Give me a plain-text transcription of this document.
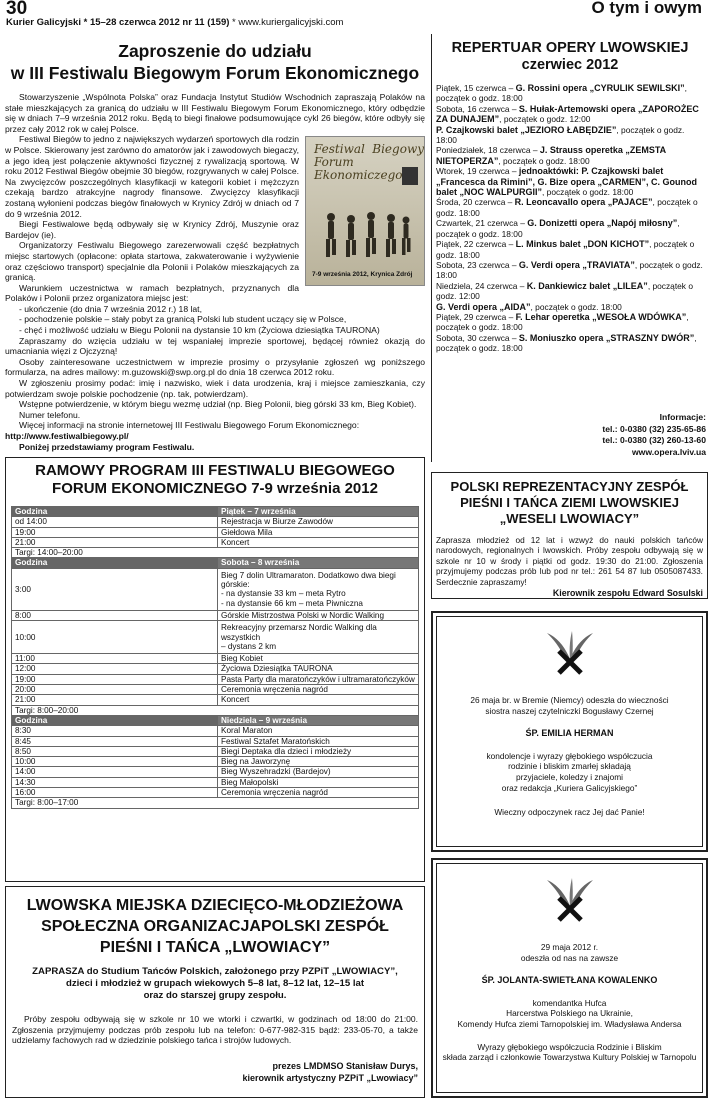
30	O tym i owym
Kurier Galicyjski * 15–28 czerwca 2012 nr 11 (159) * www.kuriergalicyjski.com
Zaproszenie do udziału
w III Festiwalu Biegowym Forum Ekonomicznego

Stowarzyszenie „Wspólnota Polska” oraz Fundacja Instytut Studiów Wschodnich zapraszają Polaków na stałe mieszkających za granicą do udziału w III Festiwalu Biegowym Forum Ekonomicznego, który odbędzie się w dniach 7–9 września 2012 roku. Będą to biegi finałowe podsumowujące cykl 26 biegów, które odbyły się przez cały 2012 rok w całej Polsce.

Festiwal Biegowy Forum Ekonomiczego
7-9 września 2012, Krynica Zdrój

Festiwal Biegów to jedno z największych wydarzeń sportowych dla rodzin w Polsce. Skierowany jest zarówno do amatorów jak i zawodowych biegaczy, a jego ideą jest połączenie aktywności fizycznej z rywalizacją sportową. W roku 2012 Festiwal Biegów obejmie 30 biegów, rozgrywanych w całej Polsce. Na zwycięzców poszczególnych klasyfikacji w kategorii kobiet i mężczyzn czekają bardzo atrakcyjne nagrody finansowe. Zwycięzcy klasyfikacji zostaną wyłonieni podczas biegów finałowych w Krynicy Zdrój w dniach od 7 do 9 września 2012.

Biegi Festiwalowe będą odbywały się w Krynicy Zdrój, Muszynie oraz Bardejov (ie).

Organizatorzy Festiwalu Biegowego zarezerwowali część bezpłatnych miejsc startowych (opłacone: opłata startowa, zakwaterowanie i wyżywienie oraz częściowo transport) specjalnie dla Polonii i Polaków mieszkających za granicą.

Warunkiem uczestnictwa w ramach bezpłatnych, przyznanych dla Polaków i Polonii przez organizatora miejsc jest:

- ukończenie (do dnia 7 września 2012 r.) 18 lat,

- pochodzenie polskie – stały pobyt za granicą Polski lub student uczący się w Polsce,

- chęć i możliwość udziału w Biegu Polonii na dystansie 10 km (Życiowa dziesiątka TAURONA)

Zapraszamy do wzięcia udziału w tej wspaniałej imprezie sportowej, będącej również okazją do umacniania więzi z Ojczyzną!

Osoby zainteresowane uczestnictwem w imprezie prosimy o przysyłanie zgłoszeń wg poniższego formularza, na adres mailowy: m.guzowski@swp.org.pl do dnia 18 czerwca 2012 roku.

W zgłoszeniu prosimy podać: imię i nazwisko, wiek i data urodzenia, kraj i miejsce zamieszkania, czy potwierdzam swoje polskie pochodzenie (np. tak, potwierdzam).

Wstępne potwierdzenie, w którym biegu wezmę udział (np. Bieg Polonii, bieg górski 33 km, Bieg Kobiet).

Numer telefonu.

Więcej informacji na stronie internetowej III Festiwalu Biegowego Forum Ekonomicznego:

http://www.festiwalbiegowy.pl/

Poniżej przedstawiamy program Festiwalu.

REPERTUAR OPERY LWOWSKIEJ
czerwiec 2012
Piątek, 15 czerwca – G. Rossini opera „CYRULIK SEWILSKI”, początek o godz. 18:00
Sobota, 16 czerwca – S. Hułak-Artemowski opera „ZAPOROŻEC ZA DUNAJEM”, początek o godz. 12:00
P. Czajkowski balet „JEZIORO ŁABĘDZIE”, początek o godz. 18:00
Poniedziałek, 18 czerwca – J. Strauss operetka „ZEMSTA NIETOPERZA”, początek o godz. 18:00
Wtorek, 19 czerwca – jednoaktówki: P. Czajkowski balet „Francesca da Rimini”, G. Bize opera „CARMEN”, C. Gounod balet „NOC WALPURGII”, początek o godz. 18:00
Środa, 20 czerwca – R. Leoncavallo opera „PAJACE”, początek o godz. 18:00
Czwartek, 21 czerwca – G. Donizetti opera „Napój miłosny”, początek o godz. 18:00
Piątek, 22 czerwca – L. Minkus balet „DON KICHOT”, początek o godz. 18:00
Sobota, 23 czerwca – G. Verdi opera „TRAVIATA”, początek o godz. 18:00
Niedziela, 24 czerwca – K. Dankiewicz balet „LILEA”, początek o godz. 12:00
G. Verdi opera „AIDA”, początek o godz. 18:00
Piątek, 29 czerwca – F. Lehar operetka „WESOŁA WDÓWKA”, początek o godz. 18:00
Sobota, 30 czerwca – S. Moniuszko opera „STRASZNY DWÓR”, początek o godz. 18:00
Informacje:
tel.: 0-0380 (32) 235-65-86
tel.: 0-0380 (32) 260-13-60
www.opera.lviv.ua
RAMOWY PROGRAM III FESTIWALU BIEGOWEGO
FORUM EKONOMICZNEGO 7-9 września 2012
Godzina	Piątek – 7 września

od 14:00	Rejestracja w Biurze Zawodów

19:00	Giełdowa Mila

21:00	Koncert

Targi: 14:00–20:00	
Godzina	Sobota – 8 września

3:00	Bieg 7 dolin Ultramaraton. Dodatkowo dwa biegi górskie:
- na dystansie 33 km – meta Rytro
- na dystansie 66 km – meta Piwniczna

8:00	Górskie Mistrzostwa Polski w Nordic Walking

10:00	Rekreacyjny przemarsz Nordic Walking dla wszystkich
– dystans 2 km

11:00	Bieg Kobiet

12:00	Życiowa Dziesiątka TAURONA

19:00	Pasta Party dla maratończyków i ultramaratończyków

20:00	Ceremonia wręczenia nagród

21:00	Koncert

Targi: 8:00–20:00	
Godzina	Niedziela – 9 września

8:30	Koral Maraton

8:45	Festiwal Sztafet Maratońskich

8:50	Biegi Deptaka dla dzieci i młodzieży

10:00	Bieg na Jaworzynę

14:00	Bieg Wyszehradzki (Bardejov)

14:30	Bieg Małopolski

16:00	Ceremonia wręczenia nagród

Targi: 8:00–17:00	
POLSKI REPREZENTACYJNY ZESPÓŁ
PIEŚNI I TAŃCA ZIEMI LWOWSKIEJ
„WESELI LWOWIACY”

Zaprasza młodzież od 12 lat i wzwyż do nauki polskich tańców narodowych, regionalnych i lwowskich. Próby zespołu odbywają się w szkole nr 10 w środy i piątki od godz. 19:30 do 21:00. Zgłoszenia przyjmujemy podczas prób lub pod nr tel.: 261 54 87 lub 0505087433. Serdecznie zapraszamy!

Kierownik zespołu Edward Sosulski
26 maja br. w Bremie (Niemcy) odeszła do wieczności
siostra naszej czytelniczki Bogusławy Czernej
ŚP. EMILIA HERMAN
kondolencje i wyrazy głębokiego współczucia
rodzinie i bliskim zmarłej składają
przyjaciele, koledzy i znajomi
oraz redakcja „Kuriera Galicyjskiego”
Wieczny odpoczynek racz Jej dać Panie!
29 maja 2012 r.
odeszła od nas na zawsze
ŚP. JOLANTA-SWIETŁANA KOWALENKO
komendantka Hufca
Harcerstwa Polskiego na Ukrainie,
Komendy Hufca ziemi Tarnopolskiej im. Władysława Andersa
Wyrazy głębokiego współczucia Rodzinie i Bliskim
składa zarząd i członkowie Towarzystwa Kultury Polskiej w Tarnopolu
LWOWSKA MIEJSKA DZIECIĘCO-MŁODZIEŻOWA
SPOŁECZNA ORGANIZACJAPOLSKI ZESPÓŁ
PIEŚNI I TAŃCA „LWOWIACY”
ZAPRASZA do Studium Tańców Polskich, założonego przy PZPiT „LWOWIACY”,
dzieci i młodzież w grupach wiekowych 5–8 lat, 8–12 lat, 12–15 lat
oraz do starszej grupy zespołu.

Próby zespołu odbywają się w szkole nr 10 we wtorki i czwartki, w godzinach od 18:00 do 21:00. Zgłoszenia przyjmujemy podczas prób zespołu lub na telefon: 0-677-982-315 bądź: 233-05-70, a także udzielamy fachowych rad w dziedzinie polskiego tańca i strojów ludowych.

prezes LMDMSO Stanisław Durys,
kierownik artystyczny PZPiT „Lwowiacy”
